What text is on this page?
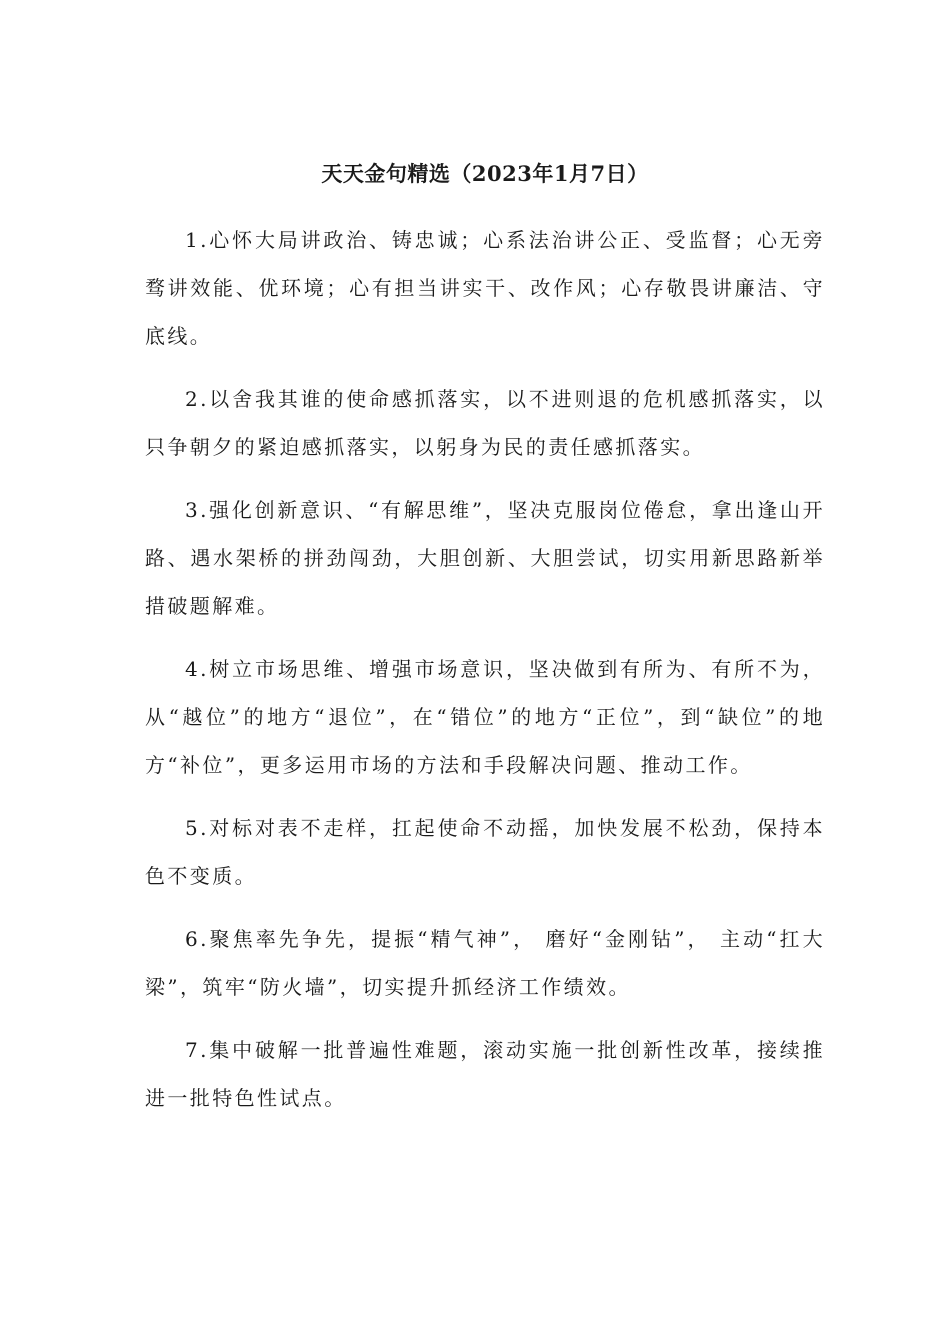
天天金句精选（2023年1月7日）

1.心怀大局讲政治、铸忠诚；心系法治讲公正、受监督；心无旁骛讲效能、优环境；心有担当讲实干、改作风；心存敬畏讲廉洁、守底线。

2.以舍我其谁的使命感抓落实，以不进则退的危机感抓落实，以只争朝夕的紧迫感抓落实，以躬身为民的责任感抓落实。

3.强化创新意识、“有解思维”，坚决克服岗位倦怠，拿出逢山开路、遇水架桥的拼劲闯劲，大胆创新、大胆尝试，切实用新思路新举措破题解难。

4.树立市场思维、增强市场意识，坚决做到有所为、有所不为，从“越位”的地方“退位”，在“错位”的地方“正位”，到“缺位”的地方“补位”，更多运用市场的方法和手段解决问题、推动工作。

5.对标对表不走样，扛起使命不动摇，加快发展不松劲，保持本色不变质。

6.聚焦率先争先，提振“精气神”， 磨好“金刚钻”， 主动“扛大梁”，筑牢“防火墙”，切实提升抓经济工作绩效。

7.集中破解一批普遍性难题，滚动实施一批创新性改革，接续推进一批特色性试点。
